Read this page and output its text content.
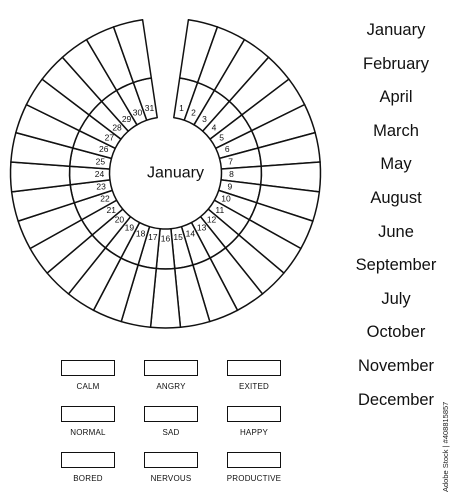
1 2
3
4
5
6
7
8
9
10
11
12
13
14
15
16
17
18
19
20
21
22
23
24
25
26
27
28
29
30 31
January
January
February
April
March
May
August
June
September
July
October
November
December
CALM	ANGRY	EXITED
NORMAL	SAD	HAPPY
BORED	NERVOUS	PRODUCTIVE	Adobe Stock | #408815857
